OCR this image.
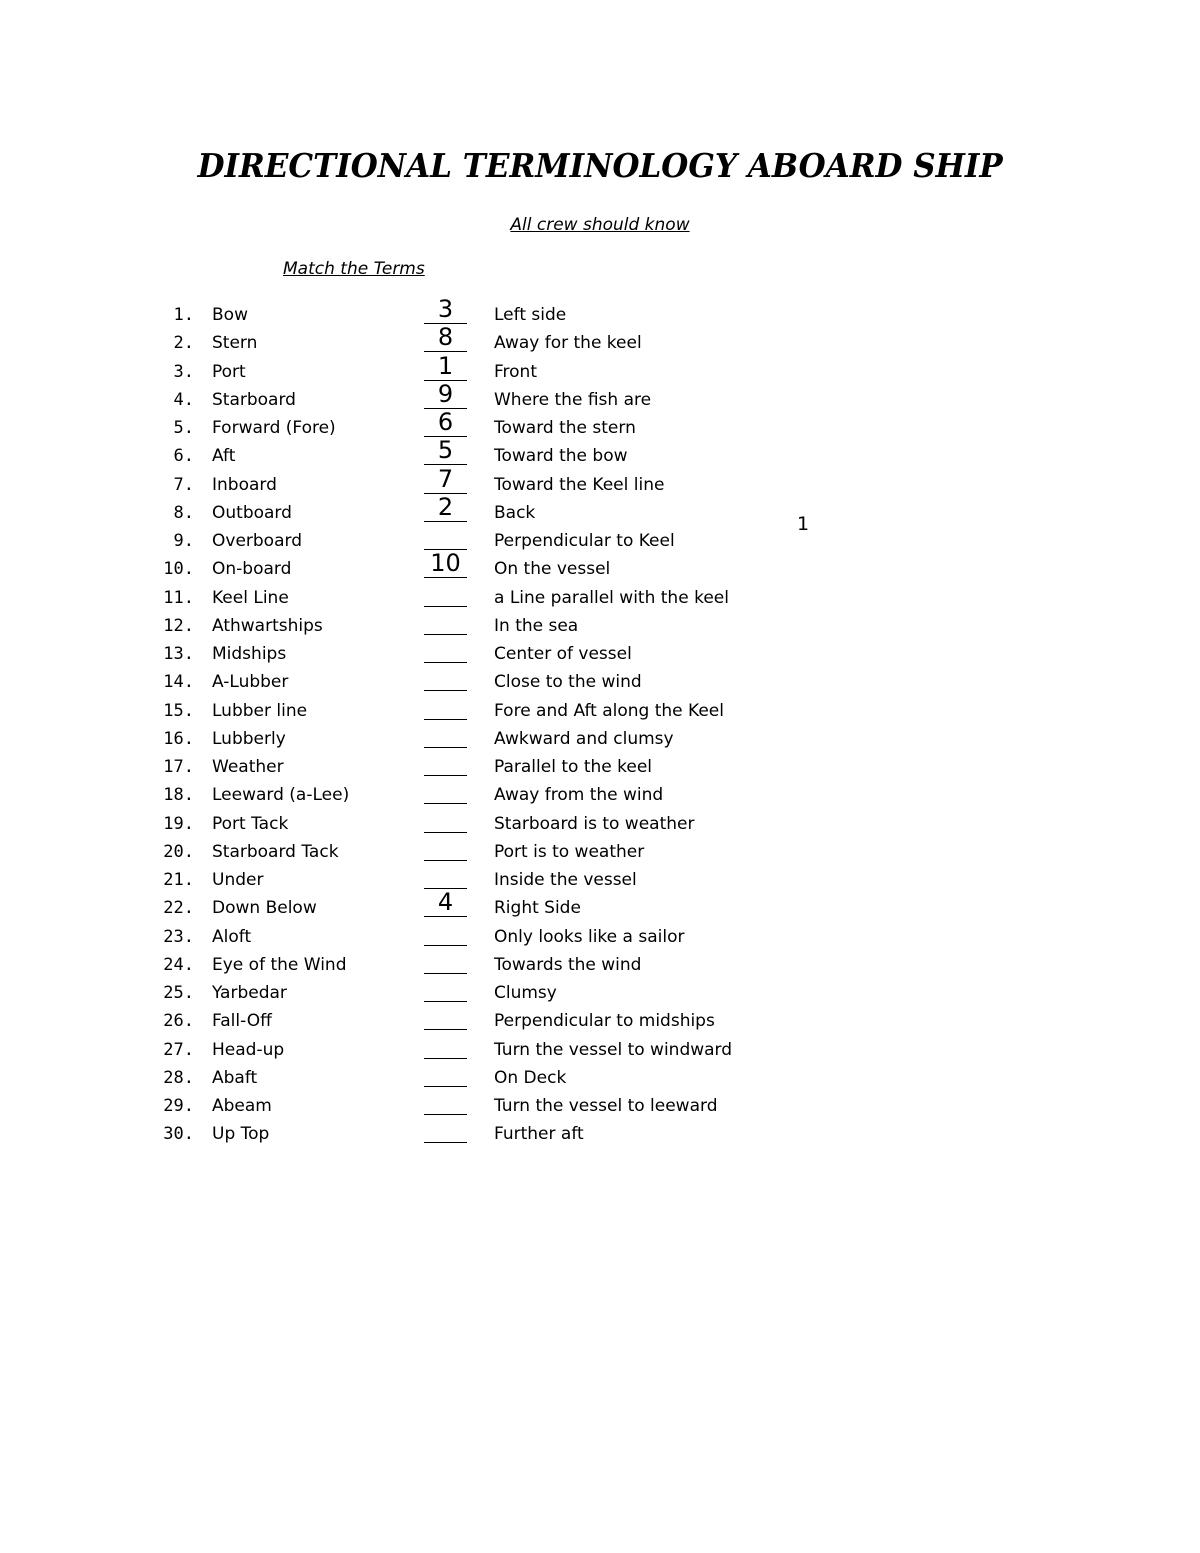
DIRECTIONAL TERMINOLOGY ABOARD SHIP
All crew should know
Match the Terms
1
1. Bow	3	Left side
2. Stern	8	Away for the keel
3. Port	1	Front
4. Starboard	9	Where the fish are
5. Forward (Fore)	6	Toward the stern
6. Aft	5	Toward the bow
7. Inboard	7	Toward the Keel line
8. Outboard	2	Back
9. Overboard	Perpendicular to Keel
10. On-board	10	On the vessel
11. Keel Line	a Line parallel with the keel
12. Athwartships	In the sea
13. Midships	Center of vessel
14. A-Lubber	Close to the wind
15. Lubber line	Fore and Aft along the Keel
16. Lubberly	Awkward and clumsy
17. Weather	Parallel to the keel
18. Leeward (a-Lee)	Away from the wind
19. Port Tack	Starboard is to weather
20. Starboard Tack	Port is to weather
21. Under	Inside the vessel
22. Down Below	4	Right Side
23. Aloft	Only looks like a sailor
24. Eye of the Wind	Towards the wind
25. Yarbedar	Clumsy
26. Fall-Off	Perpendicular to midships
27. Head-up	Turn the vessel to windward
28. Abaft	On Deck
29. Abeam	Turn the vessel to leeward
30. Up Top	Further aft
